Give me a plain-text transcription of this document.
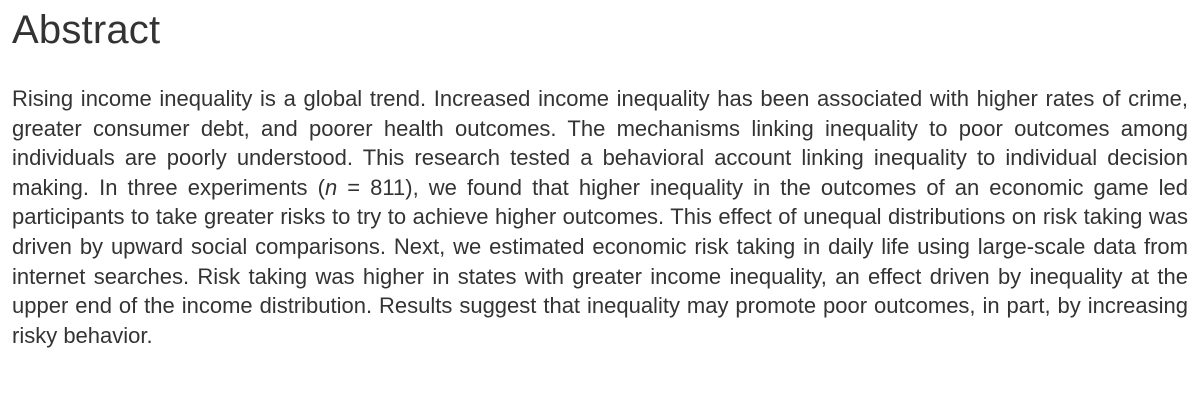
Abstract

Rising income inequality is a global trend. Increased income inequality has been associated with higher rates of crime, greater consumer debt, and poorer health outcomes. The mechanisms linking inequality to poor outcomes among individuals are poorly understood. This research tested a behavioral account linking inequality to individual decision making. In three experiments (n = 811), we found that higher inequality in the outcomes of an economic game led participants to take greater risks to try to achieve higher outcomes. This effect of unequal distributions on risk taking was driven by upward social comparisons. Next, we estimated economic risk taking in daily life using large-scale data from internet searches. Risk taking was higher in states with greater income inequality, an effect driven by inequality at the upper end of the income distribution. Results suggest that inequality may promote poor outcomes, in part, by increasing risky behavior.
